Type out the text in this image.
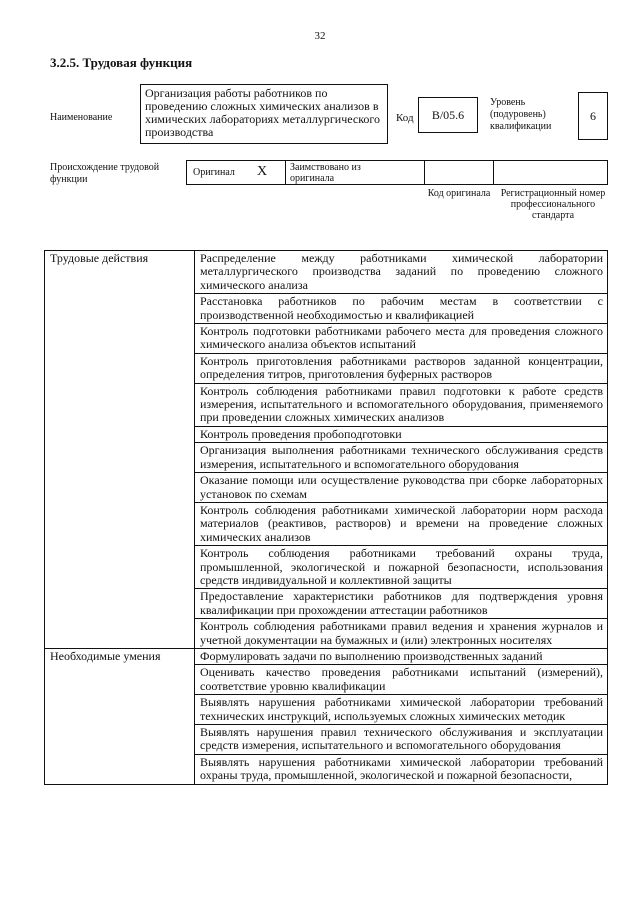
32
3.2.5. Трудовая функция
Наименование
Организация работы работников по проведению сложных химических анализов в химических лабораториях металлургического производства
Код В/05.6
Уровень (подуровень) квалификации
6
Происхождение трудовой функции
Оригинал X Заимствовано из оригинала
Код оригинала	Регистрационный номер профессионального стандарта
Трудовые действия	Распределение между работниками химической лаборатории металлургического производства заданий по проведению сложного химического анализа
	Расстановка работников по рабочим местам в соответствии с производственной необходимостью и квалификацией
	Контроль подготовки работниками рабочего места для проведения сложного химического анализа объектов испытаний
	Контроль приготовления работниками растворов заданной концентрации, определения титров, приготовления буферных растворов
	Контроль соблюдения работниками правил подготовки к работе средств измерения, испытательного и вспомогательного оборудования, применяемого при проведении сложных химических анализов
	Контроль проведения пробоподготовки
	Организация выполнения работниками технического обслуживания средств измерения, испытательного и вспомогательного оборудования
	Оказание помощи или осуществление руководства при сборке лабораторных установок по схемам
	Контроль соблюдения работниками химической лаборатории норм расхода материалов (реактивов, растворов) и времени на проведение сложных химических анализов
	Контроль соблюдения работниками требований охраны труда, промышленной, экологической и пожарной безопасности, использования средств индивидуальной и коллективной защиты
	Предоставление характеристики работников для подтверждения уровня квалификации при прохождении аттестации работников
	Контроль соблюдения работниками правил ведения и хранения журналов и учетной документации на бумажных и (или) электронных носителях
Необходимые умения	Формулировать задачи по выполнению производственных заданий
	Оценивать качество проведения работниками испытаний (измерений), соответствие уровню квалификации
	Выявлять нарушения работниками химической лаборатории требований технических инструкций, используемых сложных химических методик
	Выявлять нарушения правил технического обслуживания и эксплуатации средств измерения, испытательного и вспомогательного оборудования
	Выявлять нарушения работниками химической лаборатории требований охраны труда, промышленной, экологической и пожарной безопасности,
